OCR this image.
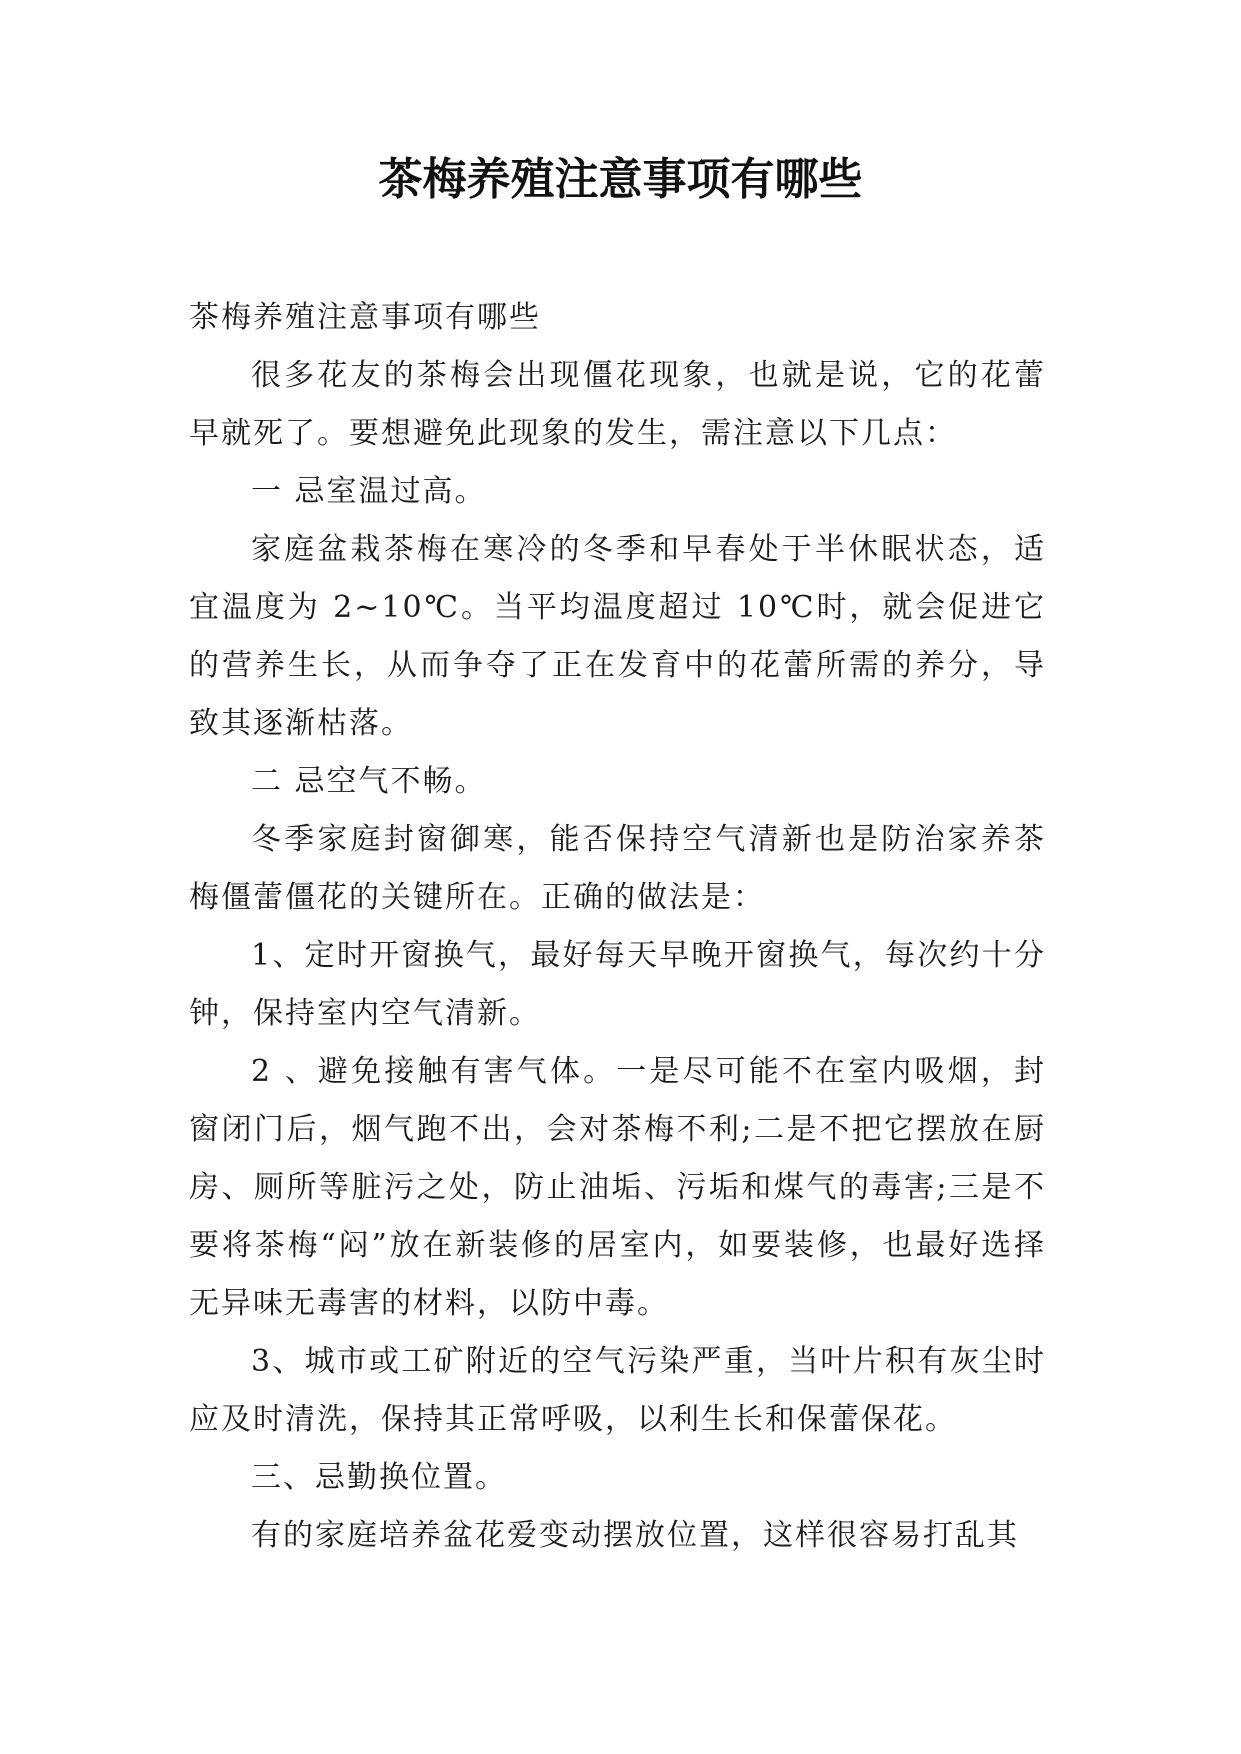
茶梅养殖注意事项有哪些

茶梅养殖注意事项有哪些

很多花友的茶梅会出现僵花现象，也就是说，它的花蕾早就死了。要想避免此现象的发生，需注意以下几点：

一 忌室温过高。

家庭盆栽茶梅在寒冷的冬季和早春处于半休眠状态，适宜温度为 2~10℃。当平均温度超过 10℃时，就会促进它的营养生长，从而争夺了正在发育中的花蕾所需的养分，导致其逐渐枯落。

二 忌空气不畅。

冬季家庭封窗御寒，能否保持空气清新也是防治家养茶梅僵蕾僵花的关键所在。正确的做法是：

1、定时开窗换气，最好每天早晚开窗换气，每次约十分钟，保持室内空气清新。

2 、避免接触有害气体。一是尽可能不在室内吸烟，封窗闭门后，烟气跑不出，会对茶梅不利;二是不把它摆放在厨房、厕所等脏污之处，防止油垢、污垢和煤气的毒害;三是不要将茶梅“闷”放在新装修的居室内，如要装修，也最好选择无异味无毒害的材料，以防中毒。

3、城市或工矿附近的空气污染严重，当叶片积有灰尘时应及时清洗，保持其正常呼吸，以利生长和保蕾保花。

三、忌勤换位置。

有的家庭培养盆花爱变动摆放位置，这样很容易打乱其
